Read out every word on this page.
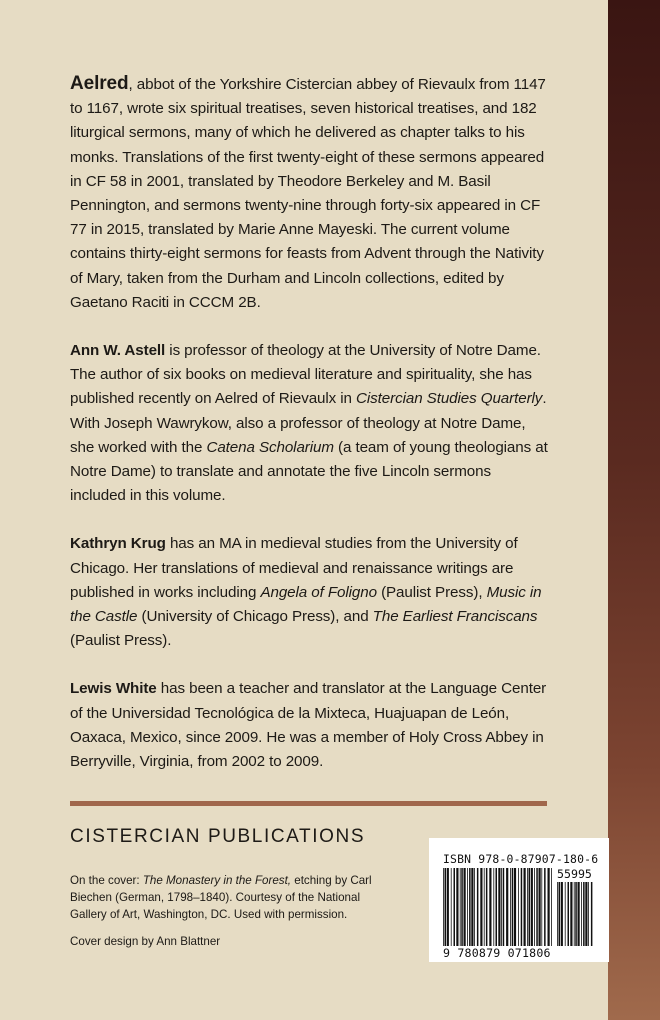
Aelred, abbot of the Yorkshire Cistercian abbey of Rievaulx from 1147 to 1167, wrote six spiritual treatises, seven historical treatises, and 182 liturgical sermons, many of which he delivered as chapter talks to his monks. Translations of the first twenty-eight of these sermons appeared in CF 58 in 2001, translated by Theodore Berkeley and M. Basil Pennington, and sermons twenty-nine through forty-six appeared in CF 77 in 2015, translated by Marie Anne Mayeski. The current volume contains thirty-eight sermons for feasts from Advent through the Nativity of Mary, taken from the Durham and Lincoln collections, edited by Gaetano Raciti in CCCM 2B.

Ann W. Astell is professor of theology at the University of Notre Dame. The author of six books on medieval literature and spirituality, she has published recently on Aelred of Rievaulx in Cistercian Studies Quarterly. With Joseph Wawrykow, also a professor of theology at Notre Dame, she worked with the Catena Scholarium (a team of young theologians at Notre Dame) to translate and annotate the five Lincoln sermons included in this volume.

Kathryn Krug has an MA in medieval studies from the University of Chicago. Her translations of medieval and renaissance writings are published in works including Angela of Foligno (Paulist Press), Music in the Castle (University of Chicago Press), and The Earliest Franciscans (Paulist Press).

Lewis White has been a teacher and translator at the Language Center of the Universidad Tecnológica de la Mixteca, Huajuapan de León, Oaxaca, Mexico, since 2009. He was a member of Holy Cross Abbey in Berryville, Virginia, from 2002 to 2009.

CISTERCIAN PUBLICATIONS

On the cover: The Monastery in the Forest, etching by Carl Biechen (German, 1798–1840). Courtesy of the National Gallery of Art, Washington, DC. Used with permission.

Cover design by Ann Blattner

ISBN 978-0-87907-180-6
55995
9 780879 071806
